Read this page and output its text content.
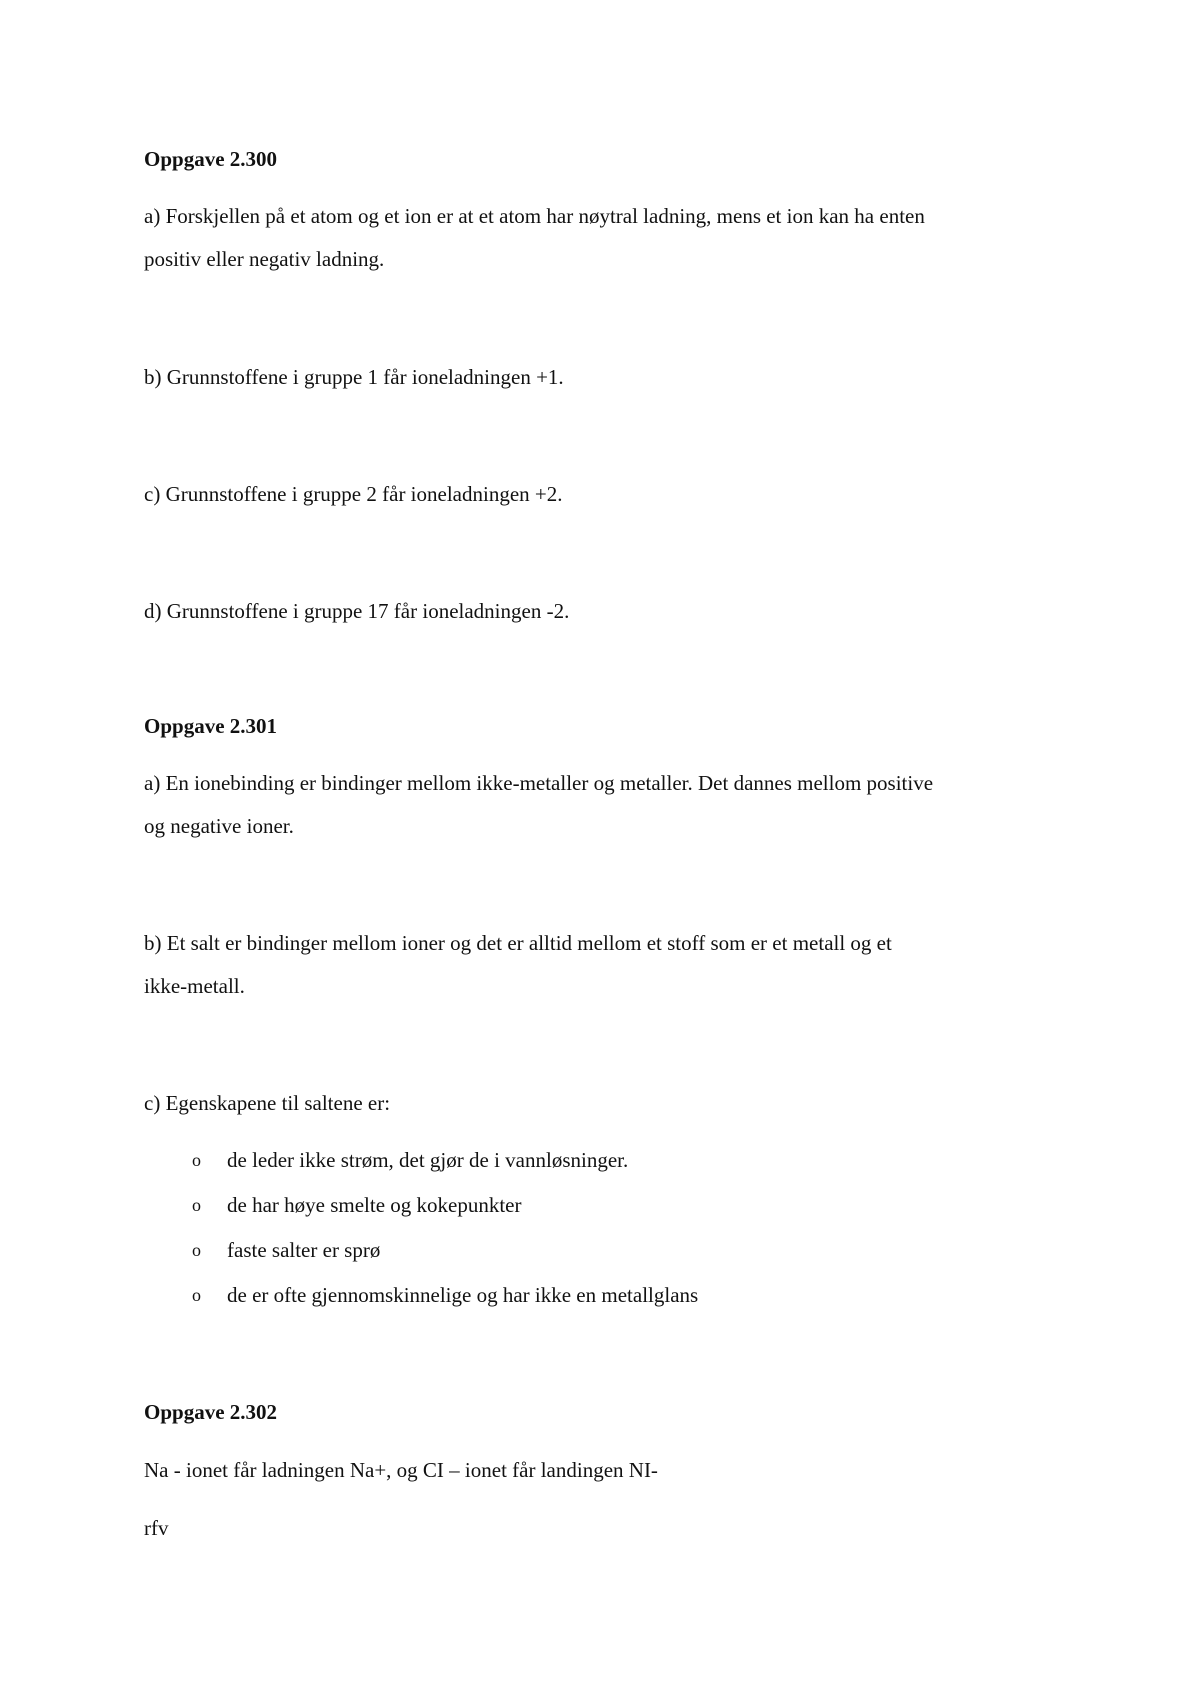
Oppgave 2.300
a) Forskjellen på et atom og et ion er at et atom har nøytral ladning, mens et ion kan ha enten
positiv eller negativ ladning.
b) Grunnstoffene i gruppe 1 får ioneladningen +1.
c) Grunnstoffene i gruppe 2 får ioneladningen +2.
d) Grunnstoffene i gruppe 17 får ioneladningen -2.
Oppgave 2.301
a) En ionebinding er bindinger mellom ikke-metaller og metaller. Det dannes mellom positive
og negative ioner.
b) Et salt er bindinger mellom ioner og det er alltid mellom et stoff som er et metall og et
ikke-metall.
c) Egenskapene til saltene er:
o de leder ikke strøm, det gjør de i vannløsninger.
o de har høye smelte og kokepunkter
o faste salter er sprø
o de er ofte gjennomskinnelige og har ikke en metallglans
Oppgave 2.302
Na - ionet får ladningen Na+, og CI – ionet får landingen NI-
rfv
